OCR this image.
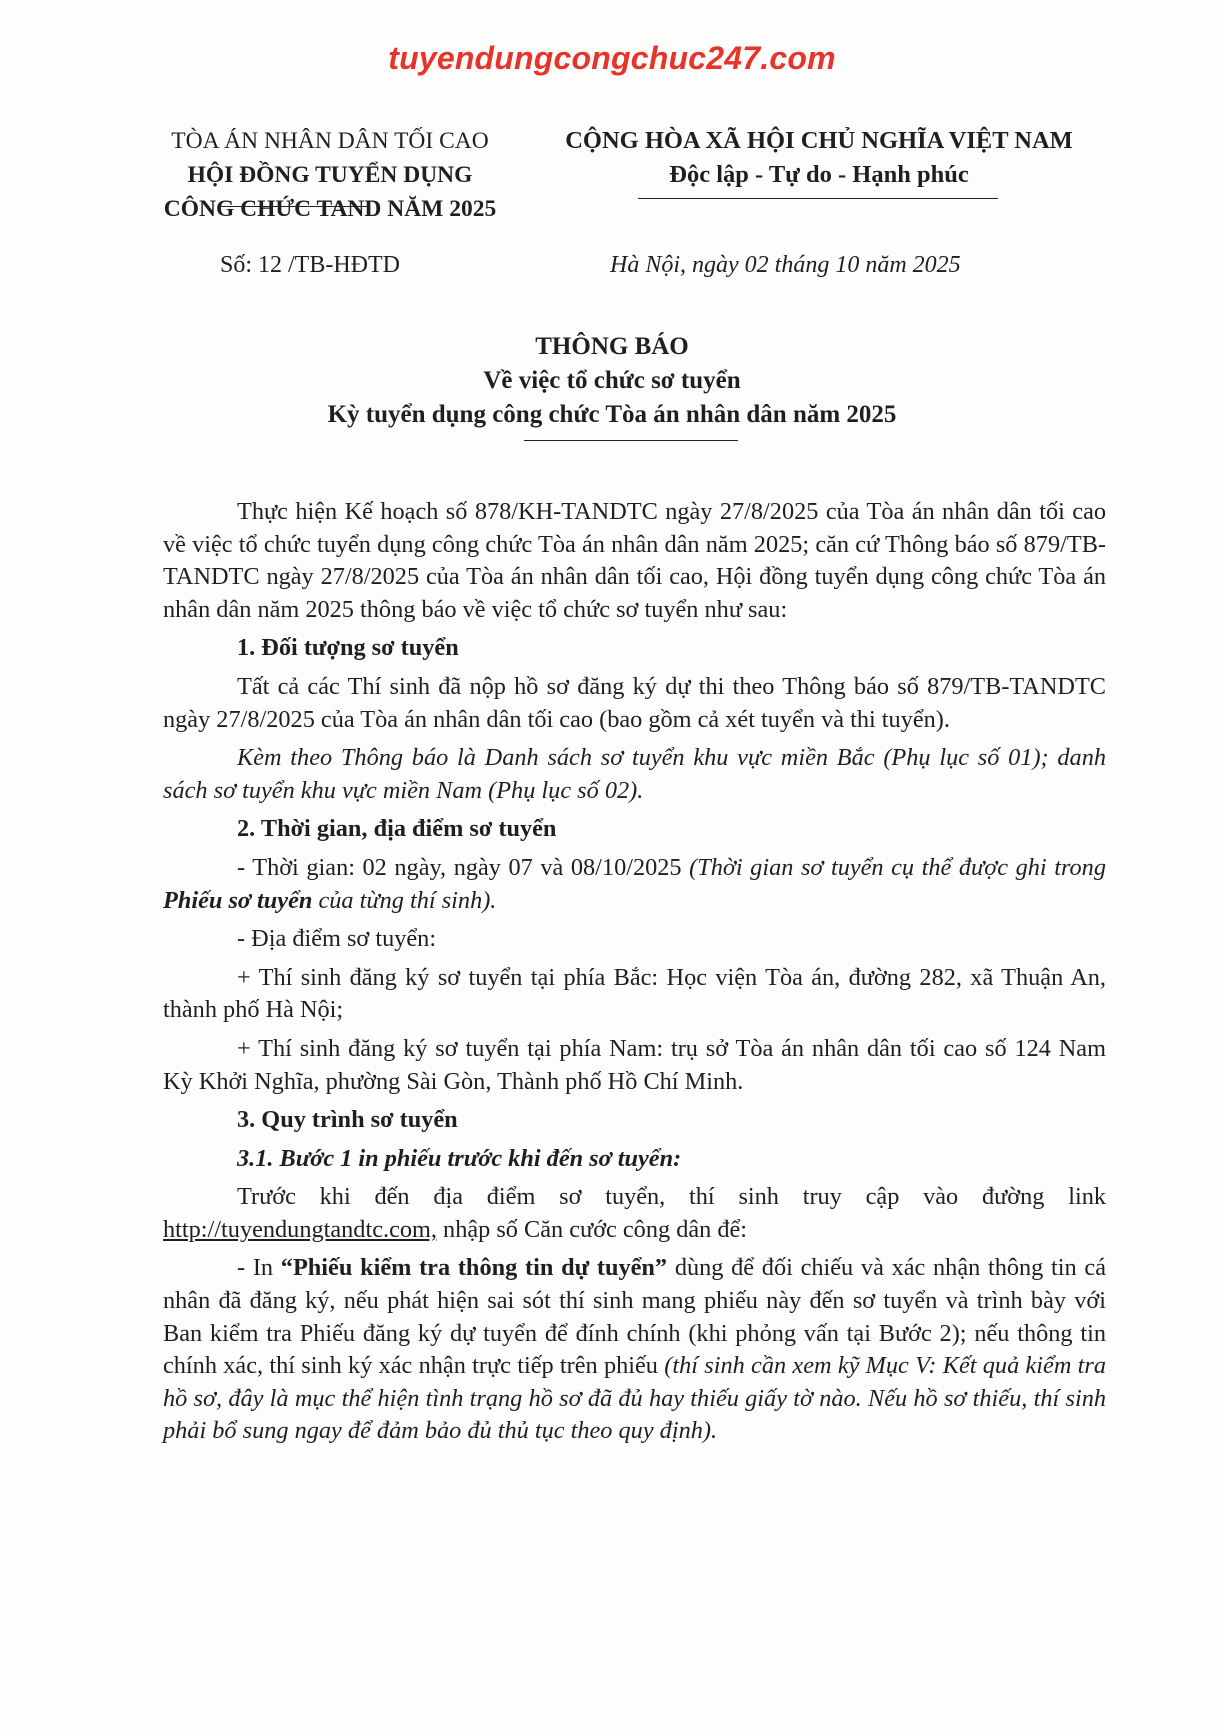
tuyendungcongchuc247.com
TÒA ÁN NHÂN DÂN TỐI CAO
HỘI ĐỒNG TUYỂN DỤNG
CÔNG CHỨC TAND NĂM 2025
CỘNG HÒA XÃ HỘI CHỦ NGHĨA VIỆT NAM
Độc lập - Tự do - Hạnh phúc
Số: 12 /TB-HĐTD	Hà Nội, ngày 02 tháng 10 năm 2025
THÔNG BÁO
Về việc tổ chức sơ tuyển
Kỳ tuyển dụng công chức Tòa án nhân dân năm 2025

Thực hiện Kế hoạch số 878/KH-TANDTC ngày 27/8/2025 của Tòa án nhân dân tối cao về việc tổ chức tuyển dụng công chức Tòa án nhân dân năm 2025; căn cứ Thông báo số 879/TB-TANDTC ngày 27/8/2025 của Tòa án nhân dân tối cao, Hội đồng tuyển dụng công chức Tòa án nhân dân năm 2025 thông báo về việc tổ chức sơ tuyển như sau:

1. Đối tượng sơ tuyển

Tất cả các Thí sinh đã nộp hồ sơ đăng ký dự thi theo Thông báo số 879/TB-TANDTC ngày 27/8/2025 của Tòa án nhân dân tối cao (bao gồm cả xét tuyển và thi tuyển).

Kèm theo Thông báo là Danh sách sơ tuyển khu vực miền Bắc (Phụ lục số 01); danh sách sơ tuyển khu vực miền Nam (Phụ lục số 02).

2. Thời gian, địa điểm sơ tuyển

- Thời gian: 02 ngày, ngày 07 và 08/10/2025 (Thời gian sơ tuyển cụ thể được ghi trong Phiếu sơ tuyển của từng thí sinh).

- Địa điểm sơ tuyển:

+ Thí sinh đăng ký sơ tuyển tại phía Bắc: Học viện Tòa án, đường 282, xã Thuận An, thành phố Hà Nội;

+ Thí sinh đăng ký sơ tuyển tại phía Nam: trụ sở Tòa án nhân dân tối cao số 124 Nam Kỳ Khởi Nghĩa, phường Sài Gòn, Thành phố Hồ Chí Minh.

3. Quy trình sơ tuyển

3.1. Bước 1 in phiếu trước khi đến sơ tuyển:

Trước khi đến địa điểm sơ tuyển, thí sinh truy cập vào đường link http://tuyendungtandtc.com, nhập số Căn cước công dân để:

- In “Phiếu kiểm tra thông tin dự tuyển” dùng để đối chiếu và xác nhận thông tin cá nhân đã đăng ký, nếu phát hiện sai sót thí sinh mang phiếu này đến sơ tuyển và trình bày với Ban kiểm tra Phiếu đăng ký dự tuyển để đính chính (khi phỏng vấn tại Bước 2); nếu thông tin chính xác, thí sinh ký xác nhận trực tiếp trên phiếu (thí sinh cần xem kỹ Mục V: Kết quả kiểm tra hồ sơ, đây là mục thể hiện tình trạng hồ sơ đã đủ hay thiếu giấy tờ nào. Nếu hồ sơ thiếu, thí sinh phải bổ sung ngay để đảm bảo đủ thủ tục theo quy định).
